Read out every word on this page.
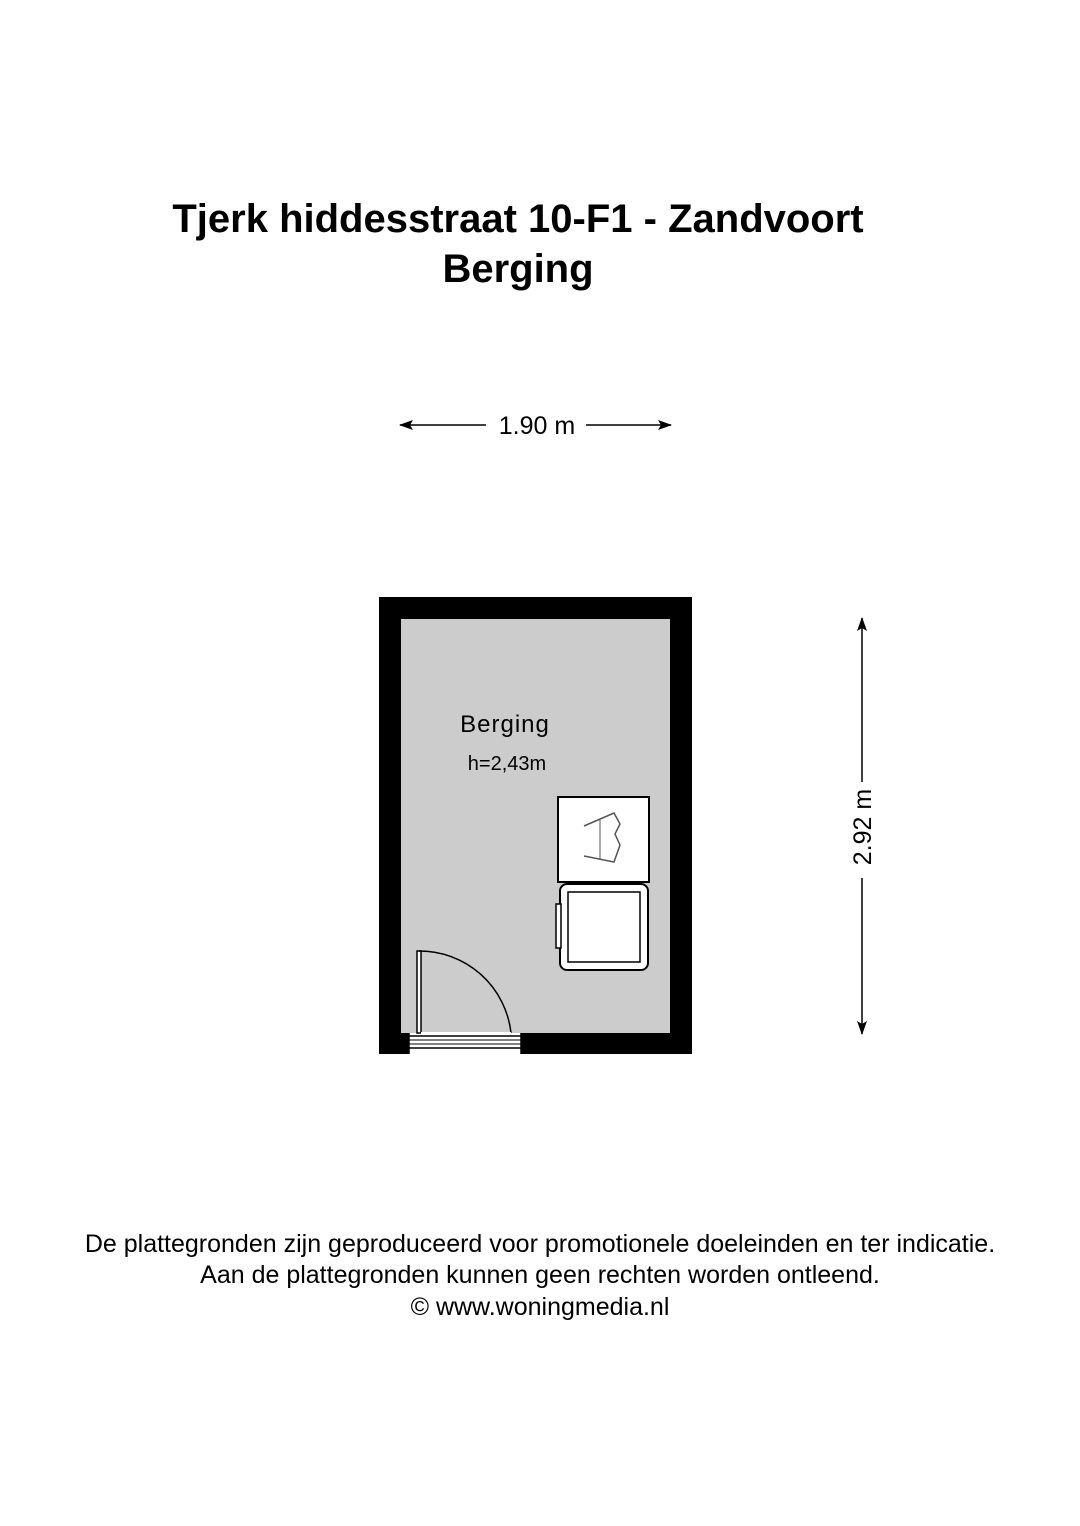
Tjerk hiddesstraat 10-F1 - Zandvoort
Berging
1.90 m
2.92 m
Berging
h=2,43m
De plattegronden zijn geproduceerd voor promotionele doeleinden en ter indicatie.
Aan de plattegronden kunnen geen rechten worden ontleend.
© www.woningmedia.nl
